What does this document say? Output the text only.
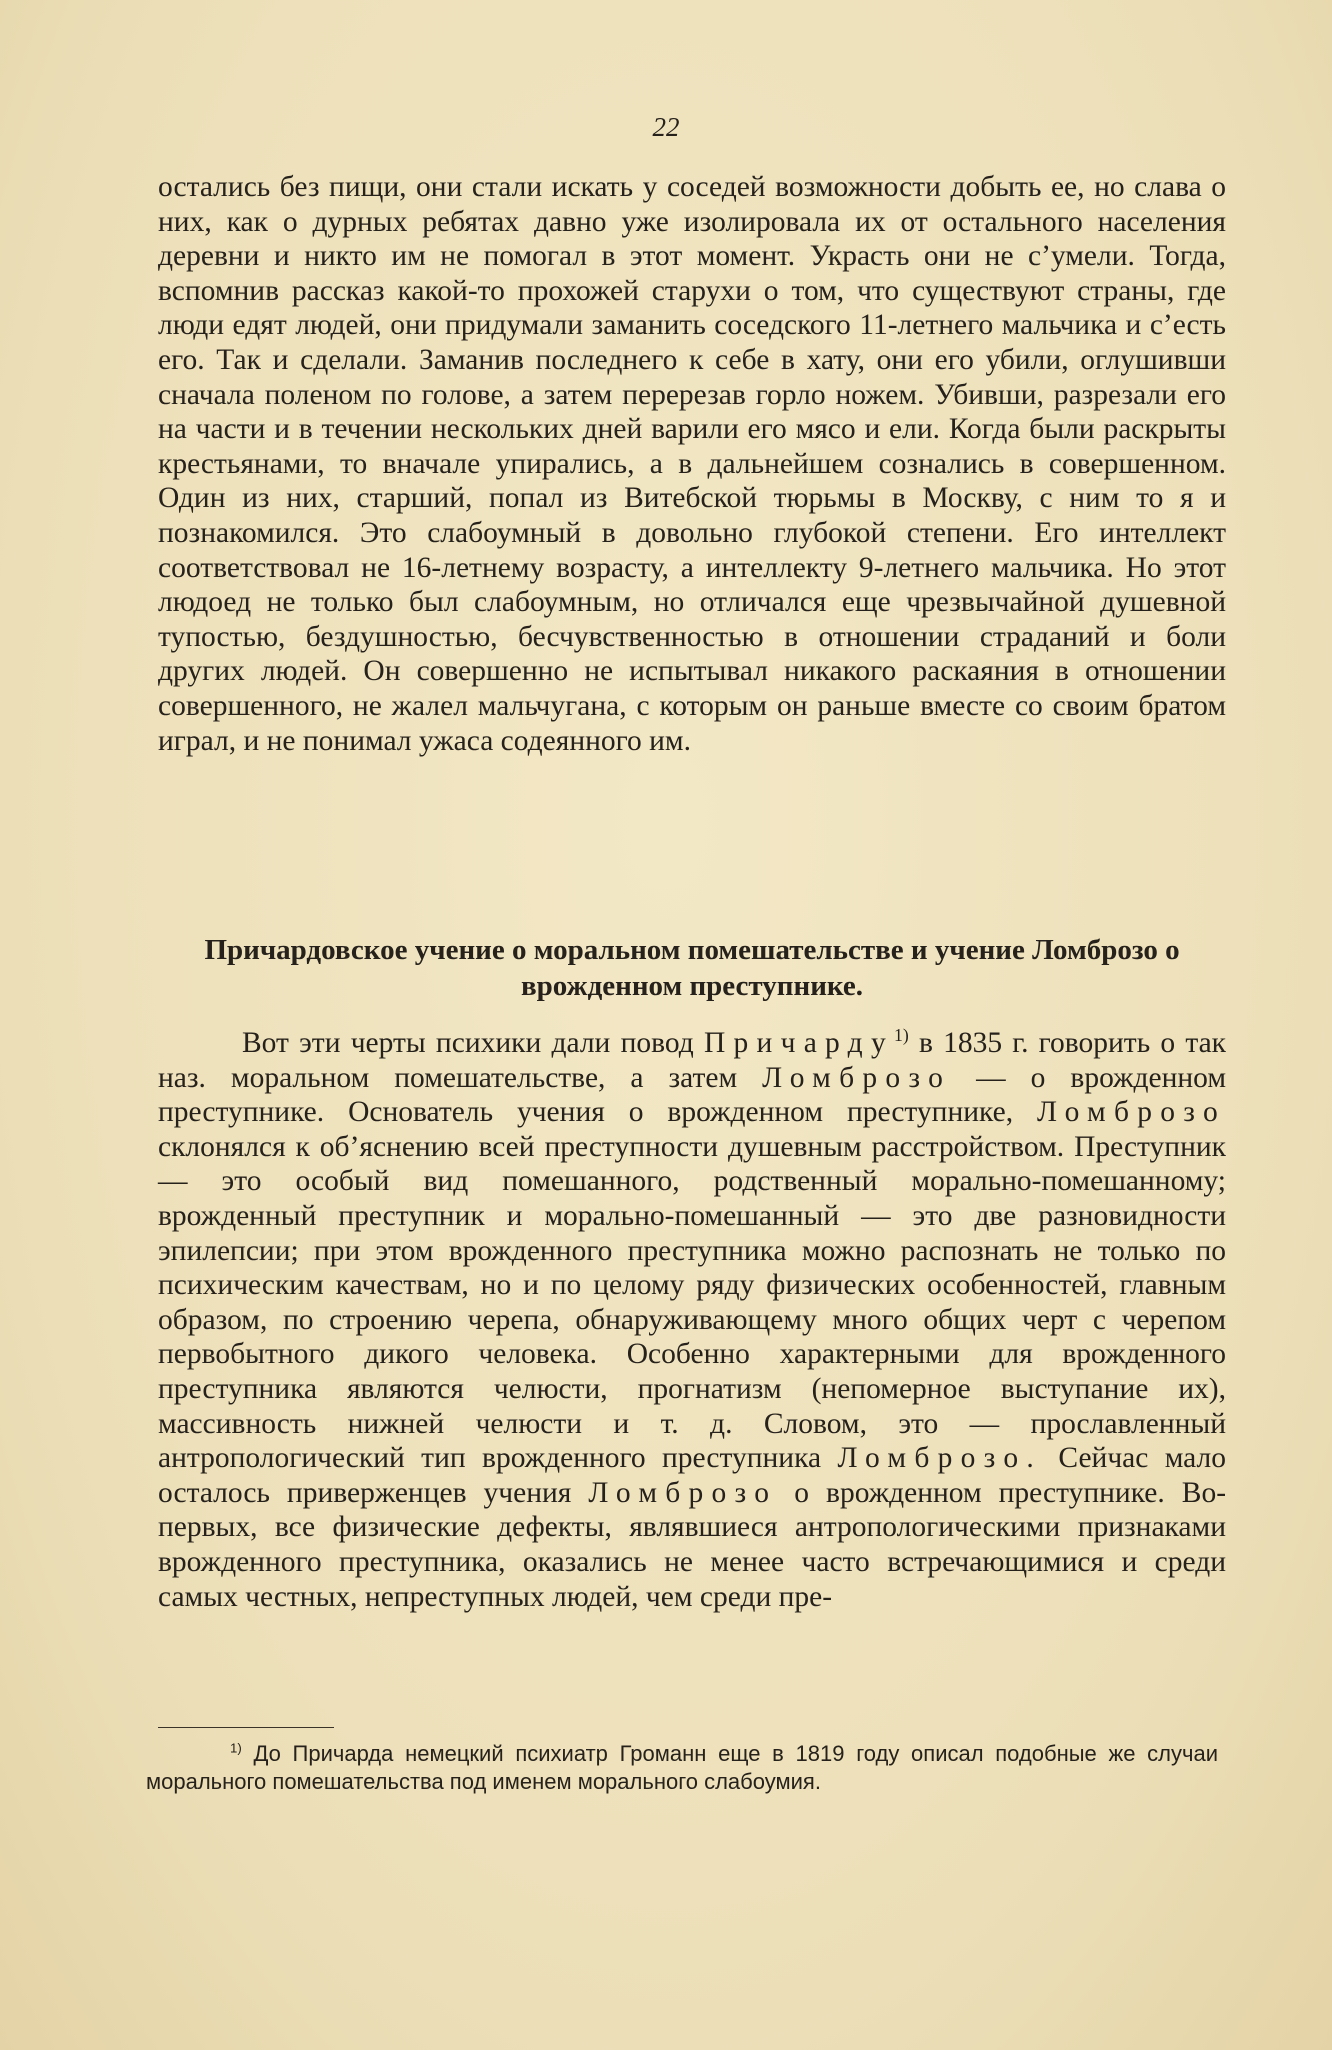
22

остались без пищи, они стали искать у соседей возможности добыть ее, но слава о них, как о дурных ребятах давно уже изолировала их от остального населения деревни и никто им не помогал в этот момент. Украсть они не с’умели. Тогда, вспомнив рассказ какой-то прохожей старухи о том, что существуют страны, где люди едят людей, они придумали заманить соседского 11-летнего мальчика и с’есть его. Так и сделали. Заманив последнего к себе в хату, они его убили, оглушивши сначала поленом по голове, а затем перерезав горло ножем. Убивши, разрезали его на части и в течении нескольких дней варили его мясо и ели. Когда были раскрыты крестьянами, то вначале упирались, а в дальнейшем сознались в совершенном. Один из них, старший, попал из Витебской тюрьмы в Москву, с ним то я и познакомился. Это слабоумный в довольно глубокой степени. Его интеллект соответствовал не 16-летнему возрасту, а интеллекту 9-летнего мальчика. Но этот людоед не только был слабоумным, но отличался еще чрезвычайной душевной тупостью, бездушностью, бесчувственностью в отношении страданий и боли других людей. Он совершенно не испытывал никакого раскаяния в отношении совершенного, не жалел мальчугана, с которым он раньше вместе со своим братом играл, и не понимал ужаса содеянного им.

Причардовское учение о моральном помешательстве и учение Ломброзо о врожденном преступнике.

Вот эти черты психики дали повод Причарду$^{1)}$ в 1835 г. говорить о так наз. моральном помешательстве, а затем Ломброзо — о врожденном преступнике. Основатель учения о врожденном преступнике, Ломброзо склонялся к об’яснению всей преступности душевным расстройством. Преступник — это особый вид помешанного, родственный морально-помешанному; врожденный преступник и морально-помешанный — это две разновидности эпилепсии; при этом врожденного преступника можно распознать не только по психическим качествам, но и по целому ряду физических особенностей, главным образом, по строению черепа, обнаруживающему много общих черт с черепом первобытного дикого человека. Особенно характерными для врожденного преступника являются челюсти, прогнатизм (непомерное выступание их), массивность нижней челюсти и т. д. Словом, это — прославленный антропологический тип врожденного преступника Ломброзо. Сейчас мало осталось приверженцев учения Ломброзо о врожденном преступнике. Во-первых, все физические дефекты, являвшиеся антропологическими признаками врожденного преступника, оказались не менее часто встречающимися и среди самых честных, непреступных людей, чем среди пре-

$^{1)}$ До Причарда немецкий психиатр Громанн еще в 1819 году описал подобные же случаи морального помешательства под именем морального слабоумия.
